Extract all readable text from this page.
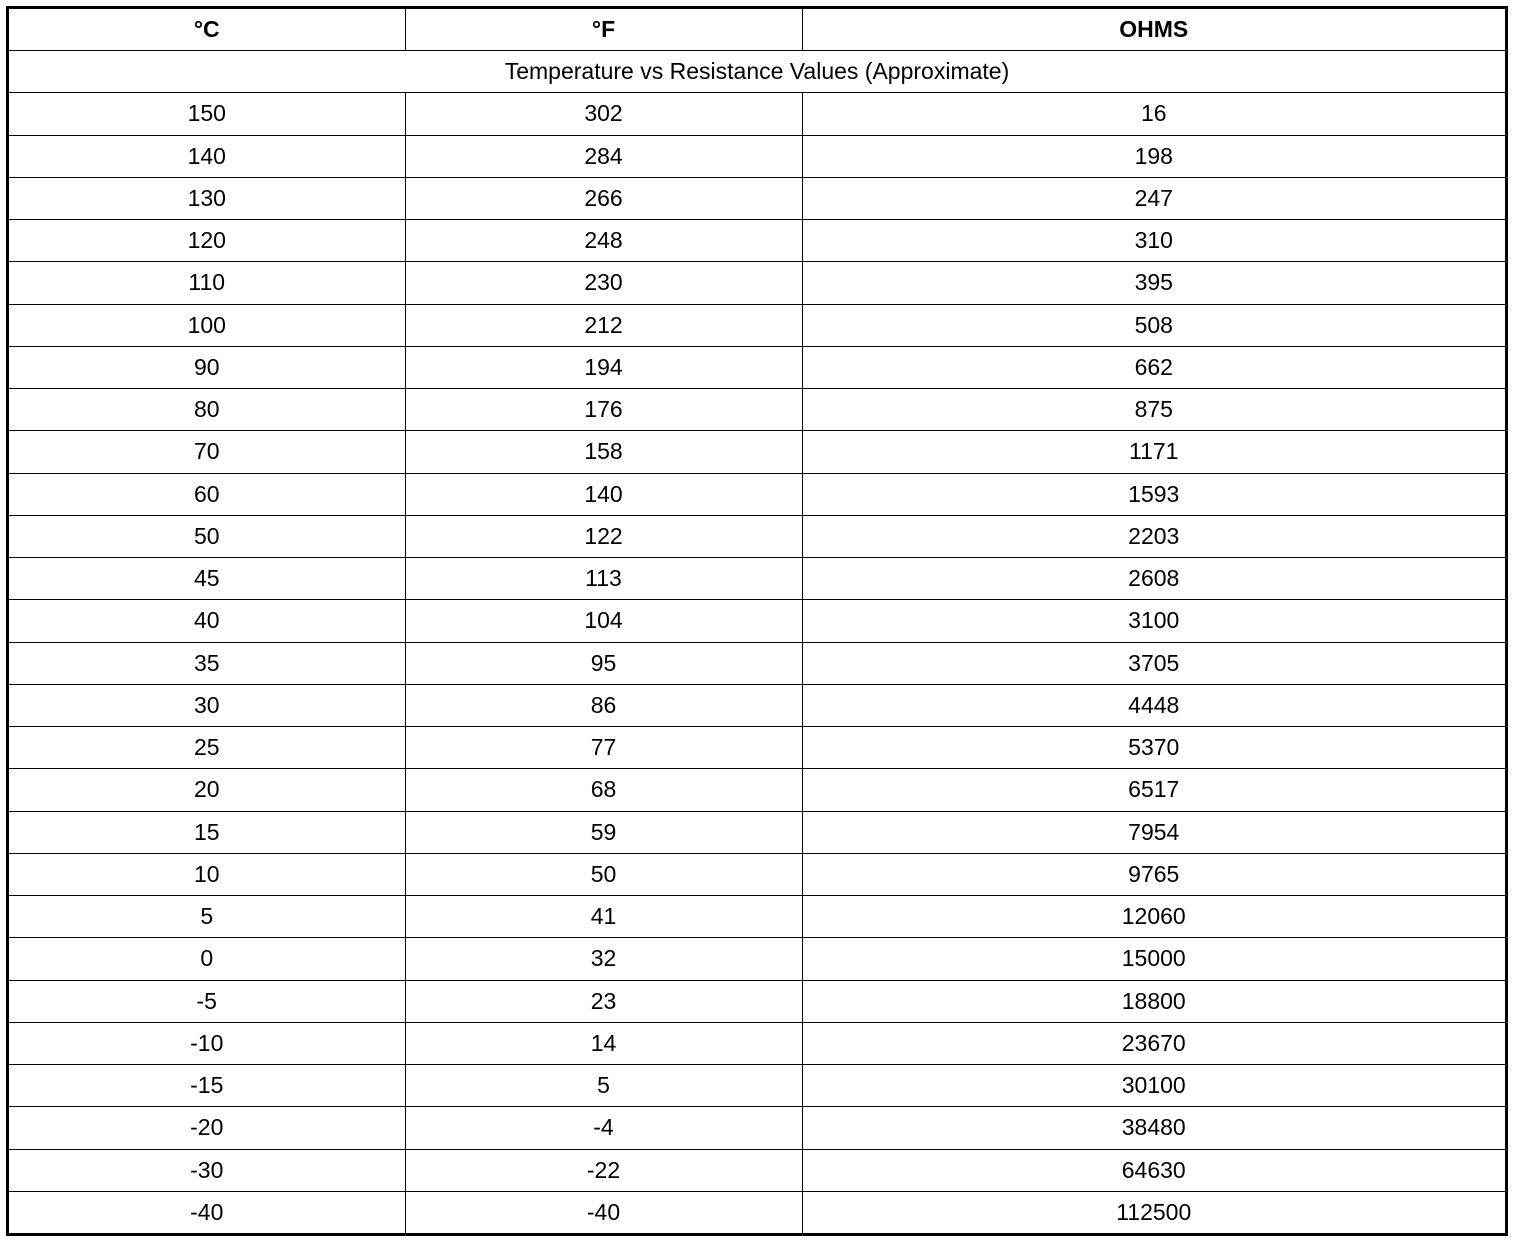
°C	°F	OHMS
Temperature vs Resistance Values (Approximate)		
150	302	16
140	284	198
130	266	247
120	248	310
110	230	395
100	212	508
90	194	662
80	176	875
70	158	1171
60	140	1593
50	122	2203
45	113	2608
40	104	3100
35	95	3705
30	86	4448
25	77	5370
20	68	6517
15	59	7954
10	50	9765
5	41	12060
0	32	15000
-5	23	18800
-10	14	23670
-15	5	30100
-20	-4	38480
-30	-22	64630
-40	-40	112500
